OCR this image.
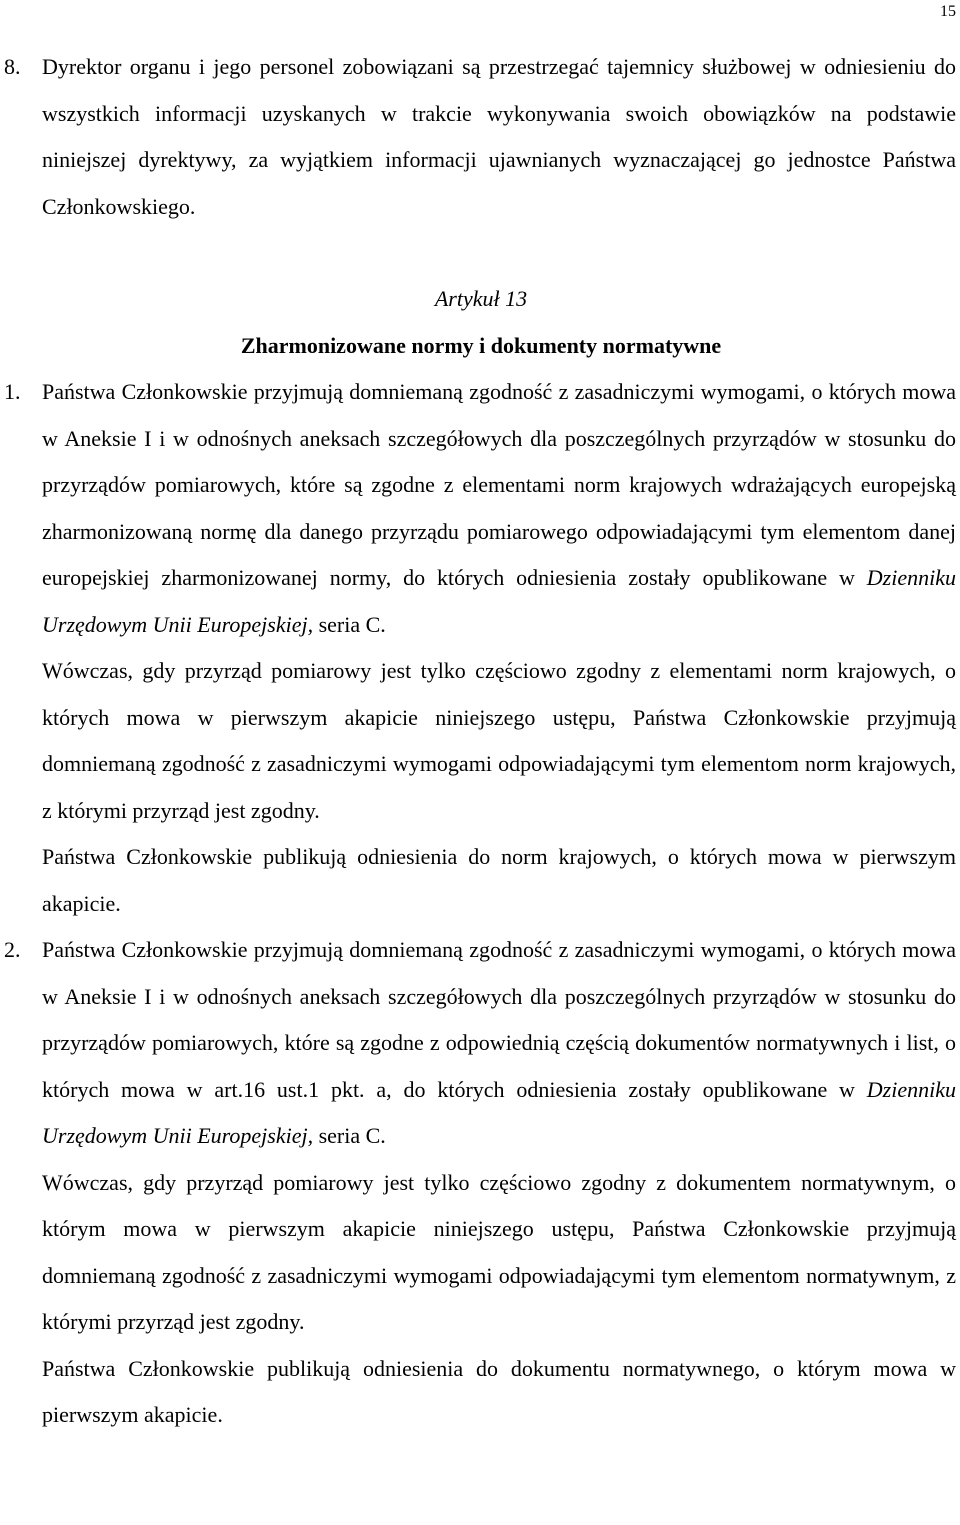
15
8. Dyrektor organu i jego personel zobowiązani są przestrzegać tajemnicy służbowej w odniesieniu do wszystkich informacji uzyskanych w trakcie wykonywania swoich obowiązków na podstawie niniejszej dyrektywy, za wyjątkiem informacji ujawnianych wyznaczającej go jednostce Państwa Członkowskiego.
Artykuł 13
Zharmonizowane normy i dokumenty normatywne
1. Państwa Członkowskie przyjmują domniemaną zgodność z zasadniczymi wymogami, o których mowa w Aneksie I i w odnośnych aneksach szczegółowych dla poszczególnych przyrządów w stosunku do przyrządów pomiarowych, które są zgodne z elementami norm krajowych wdrażających europejską zharmonizowaną normę dla danego przyrządu pomiarowego odpowiadającymi tym elementom danej europejskiej zharmonizowanej normy, do których odniesienia zostały opublikowane w Dzienniku Urzędowym Unii Europejskiej, seria C.
Wówczas, gdy przyrząd pomiarowy jest tylko częściowo zgodny z elementami norm krajowych, o których mowa w pierwszym akapicie niniejszego ustępu, Państwa Członkowskie przyjmują domniemaną zgodność z zasadniczymi wymogami odpowiadającymi tym elementom norm krajowych, z którymi przyrząd jest zgodny.
Państwa Członkowskie publikują odniesienia do norm krajowych, o których mowa w pierwszym akapicie.
2. Państwa Członkowskie przyjmują domniemaną zgodność z zasadniczymi wymogami, o których mowa w Aneksie I i w odnośnych aneksach szczegółowych dla poszczególnych przyrządów w stosunku do przyrządów pomiarowych, które są zgodne z odpowiednią częścią dokumentów normatywnych i list, o których mowa w art.16 ust.1 pkt. a, do których odniesienia zostały opublikowane w Dzienniku Urzędowym Unii Europejskiej, seria C.
Wówczas, gdy przyrząd pomiarowy jest tylko częściowo zgodny z dokumentem normatywnym, o którym mowa w pierwszym akapicie niniejszego ustępu, Państwa Członkowskie przyjmują domniemaną zgodność z zasadniczymi wymogami odpowiadającymi tym elementom normatywnym, z którymi przyrząd jest zgodny.
Państwa Członkowskie publikują odniesienia do dokumentu normatywnego, o którym mowa w pierwszym akapicie.
